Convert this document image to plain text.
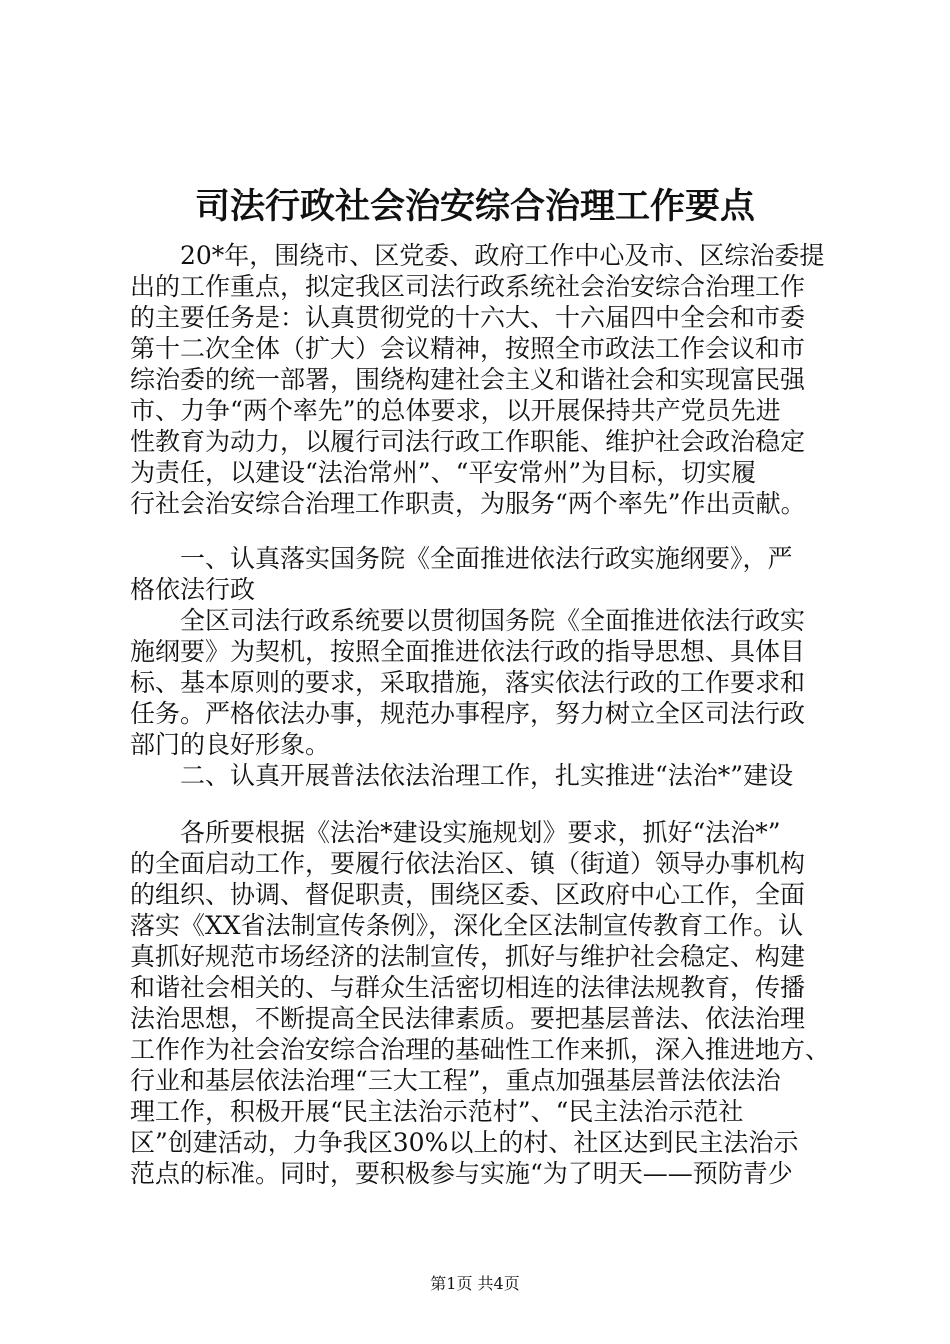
司法行政社会治安综合治理工作要点
　　20*年，围绕市、区党委、政府工作中心及市、区综治委提
出的工作重点，拟定我区司法行政系统社会治安综合治理工作
的主要任务是：认真贯彻党的十六大、十六届四中全会和市委
第十二次全体（扩大）会议精神，按照全市政法工作会议和市
综治委的统一部署，围绕构建社会主义和谐社会和实现富民强
市、力争“两个率先”的总体要求，以开展保持共产党员先进
性教育为动力，以履行司法行政工作职能、维护社会政治稳定
为责任，以建设“法治常州”、“平安常州”为目标，切实履
行社会治安综合治理工作职责，为服务“两个率先”作出贡献。
　　一、认真落实国务院《全面推进依法行政实施纲要》，严
格依法行政
　　全区司法行政系统要以贯彻国务院《全面推进依法行政实
施纲要》为契机，按照全面推进依法行政的指导思想、具体目
标、基本原则的要求，采取措施，落实依法行政的工作要求和
任务。严格依法办事，规范办事程序，努力树立全区司法行政
部门的良好形象。
　　二、认真开展普法依法治理工作，扎实推进“法治*”建设
　　各所要根据《法治*建设实施规划》要求，抓好“法治*”
的全面启动工作，要履行依法治区、镇（街道）领导办事机构
的组织、协调、督促职责，围绕区委、区政府中心工作，全面
落实《XX省法制宣传条例》，深化全区法制宣传教育工作。认
真抓好规范市场经济的法制宣传，抓好与维护社会稳定、构建
和谐社会相关的、与群众生活密切相连的法律法规教育，传播
法治思想，不断提高全民法律素质。要把基层普法、依法治理
工作作为社会治安综合治理的基础性工作来抓，深入推进地方、
行业和基层依法治理“三大工程”，重点加强基层普法依法治
理工作，积极开展“民主法治示范村”、“民主法治示范社
区”创建活动，力争我区30%以上的村、社区达到民主法治示
范点的标准。同时，要积极参与实施“为了明天——预防青少
第1页 共4页
